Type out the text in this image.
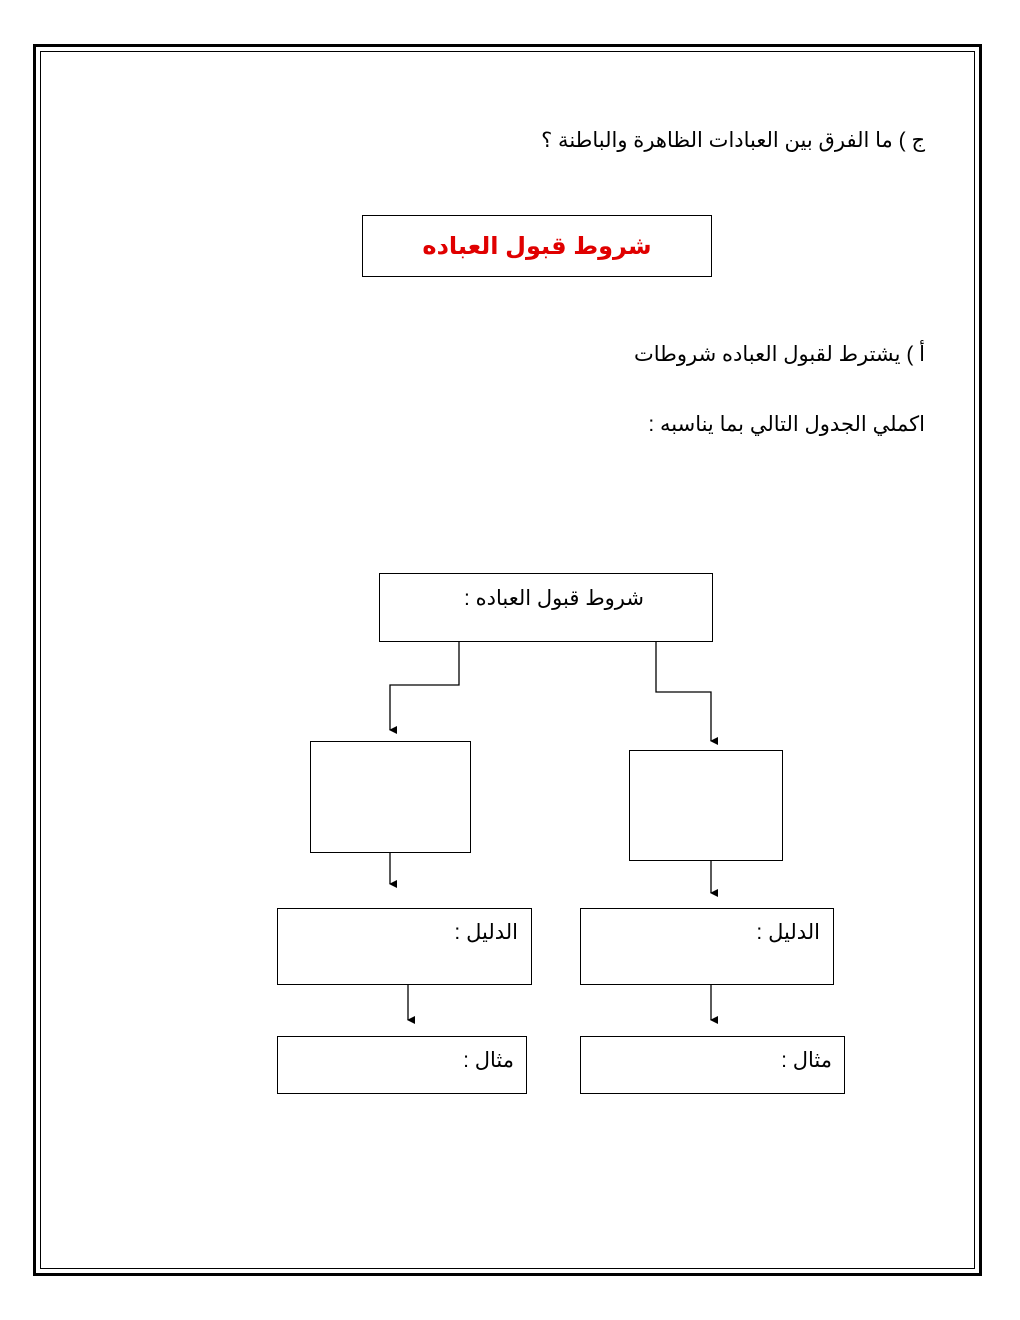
ج ) ما الفرق بين العبادات الظاهرة والباطنة ؟
شروط قبول العباده
أ ) يشترط لقبول العباده شروطات
اكملي الجدول التالي بما يناسبه :
شروط قبول العباده :
الدليل :	الدليل :
مثال :	مثال :
